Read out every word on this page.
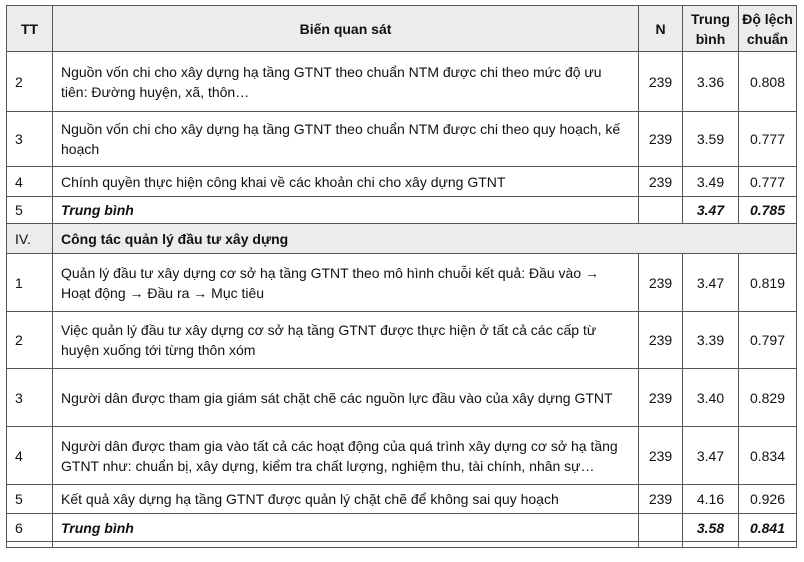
TT	Biến quan sát	N	Trung bình	Độ lệch chuẩn
2	Nguồn vốn chi cho xây dựng hạ tầng GTNT theo chuẩn NTM được chi theo mức độ ưu tiên: Đường huyện, xã, thôn…	239	3.36	0.808
3	Nguồn vốn chi cho xây dựng hạ tầng GTNT theo chuẩn NTM được chi theo quy hoạch, kế hoạch	239	3.59	0.777
4	Chính quyền thực hiện công khai về các khoản chi cho xây dựng GTNT	239	3.49	0.777
5	Trung bình		3.47	0.785
IV.	Công tác quản lý đầu tư xây dựng			
1	Quản lý đầu tư xây dựng cơ sở hạ tầng GTNT theo mô hình chuỗi kết quả: Đầu vào → Hoạt động → Đầu ra → Mục tiêu	239	3.47	0.819
2	Việc quản lý đầu tư xây dựng cơ sở hạ tầng GTNT được thực hiện ở tất cả các cấp từ huyện xuống tới từng thôn xóm	239	3.39	0.797
3	Người dân được tham gia giám sát chặt chẽ các nguồn lực đầu vào của xây dựng GTNT	239	3.40	0.829
4	Người dân được tham gia vào tất cả các hoạt động của quá trình xây dựng cơ sở hạ tầng GTNT như: chuẩn bị, xây dựng, kiểm tra chất lượng, nghiệm thu, tài chính, nhân sự…	239	3.47	0.834
5	Kết quả xây dựng hạ tầng GTNT được quản lý chặt chẽ để không sai quy hoạch	239	4.16	0.926
6	Trung bình		3.58	0.841
